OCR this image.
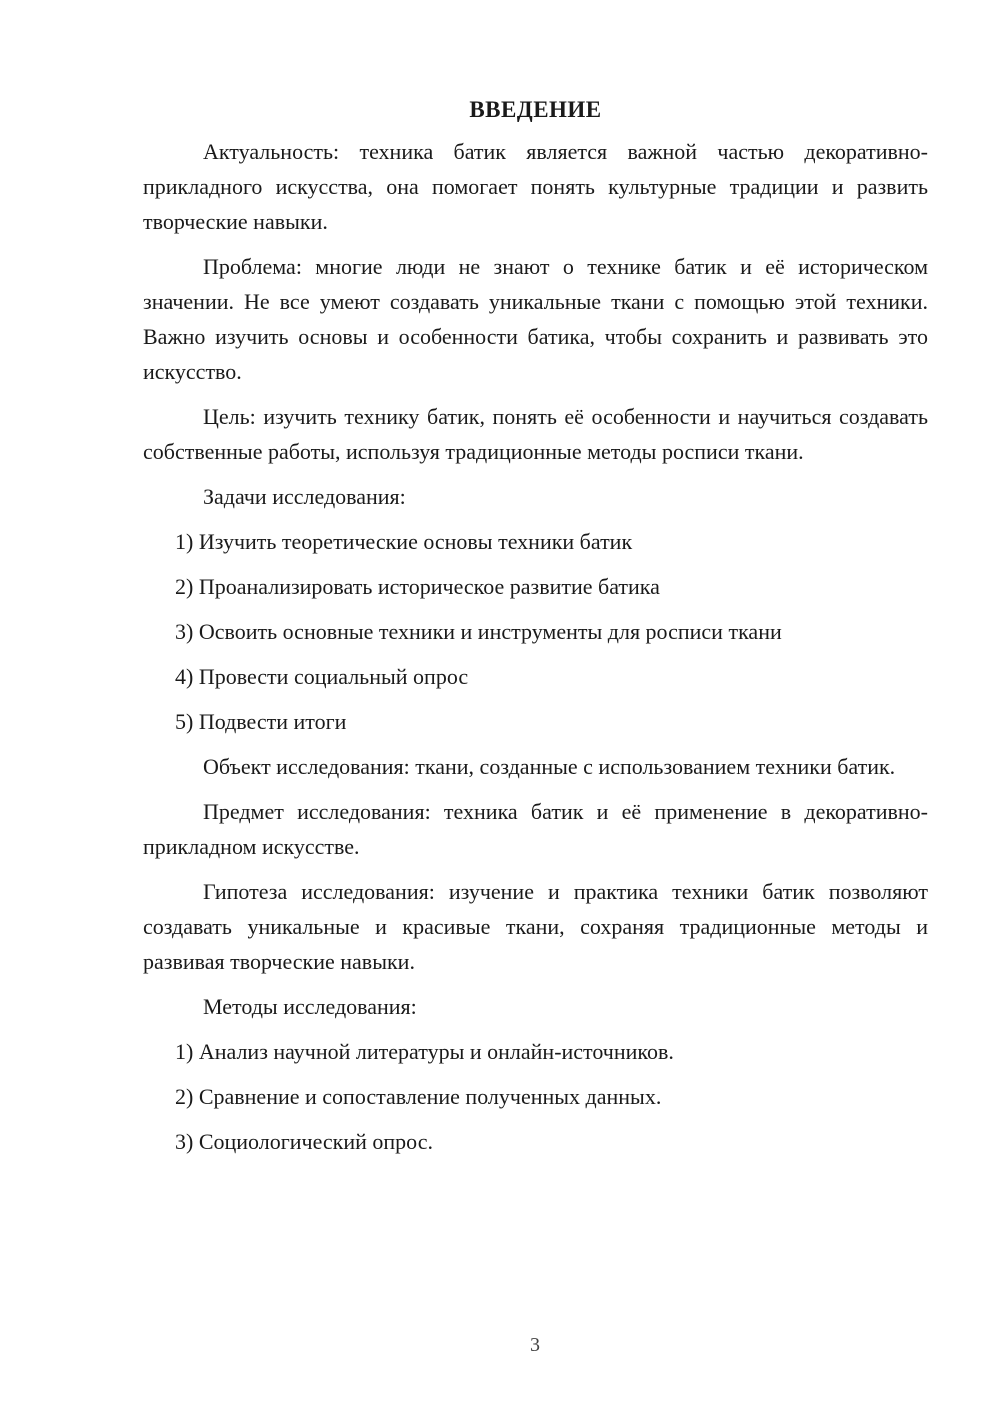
ВВЕДЕНИЕ

Актуальность: техника батик является важной частью декоративно-прикладного искусства, она помогает понять культурные традиции и развить творческие навыки.

Проблема: многие люди не знают о технике батик и её историческом значении. Не все умеют создавать уникальные ткани с помощью этой техники. Важно изучить основы и особенности батика, чтобы сохранить и развивать это искусство.

Цель: изучить технику батик, понять её особенности и научиться создавать собственные работы, используя традиционные методы росписи ткани.

Задачи исследования:

1) Изучить теоретические основы техники батик
2) Проанализировать историческое развитие батика
3) Освоить основные техники и инструменты для росписи ткани
4) Провести социальный опрос
5) Подвести итоги

Объект исследования: ткани, созданные с использованием техники батик.

Предмет исследования: техника батик и её применение в декоративно-прикладном искусстве.

Гипотеза исследования: изучение и практика техники батик позволяют создавать уникальные и красивые ткани, сохраняя традиционные методы и развивая творческие навыки.

Методы исследования:

1) Анализ научной литературы и онлайн-источников.
2) Сравнение и сопоставление полученных данных.
3) Социологический опрос.
3
